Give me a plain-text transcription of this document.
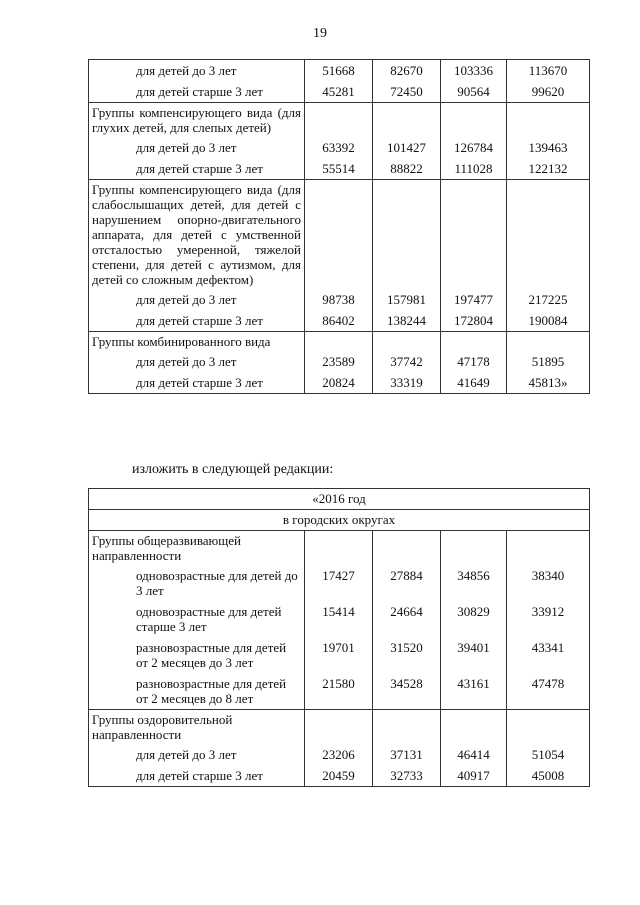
19
для детей до 3 лет	51668	82670	103336	113670
для детей старше 3 лет	45281	72450	90564	99620
Группы компенсирующего вида (для глухих детей, для слепых детей)				
для детей до 3 лет	63392	101427	126784	139463
для детей старше 3 лет	55514	88822	111028	122132
Группы компенсирующего вида (для слабослышащих детей, для детей с нарушением опорно-двигательного аппарата, для детей с умственной отсталостью умеренной, тяжелой степени, для детей с аутизмом, для детей со сложным дефектом)				
для детей до 3 лет	98738	157981	197477	217225
для детей старше 3 лет	86402	138244	172804	190084
Группы комбинированного вида				
для детей до 3 лет	23589	37742	47178	51895
для детей старше 3 лет	20824	33319	41649	45813»
изложить в следующей редакции:
«2016 год				
в городских округах				
Группы общеразвивающей направленности				
одновозрастные для детей до 3 лет	17427	27884	34856	38340
одновозрастные для детей старше 3 лет	15414	24664	30829	33912
разновозрастные для детей от 2 месяцев до 3 лет	19701	31520	39401	43341
разновозрастные для детей от 2 месяцев до 8 лет	21580	34528	43161	47478
Группы оздоровительной направленности				
для детей до 3 лет	23206	37131	46414	51054
для детей старше 3 лет	20459	32733	40917	45008
